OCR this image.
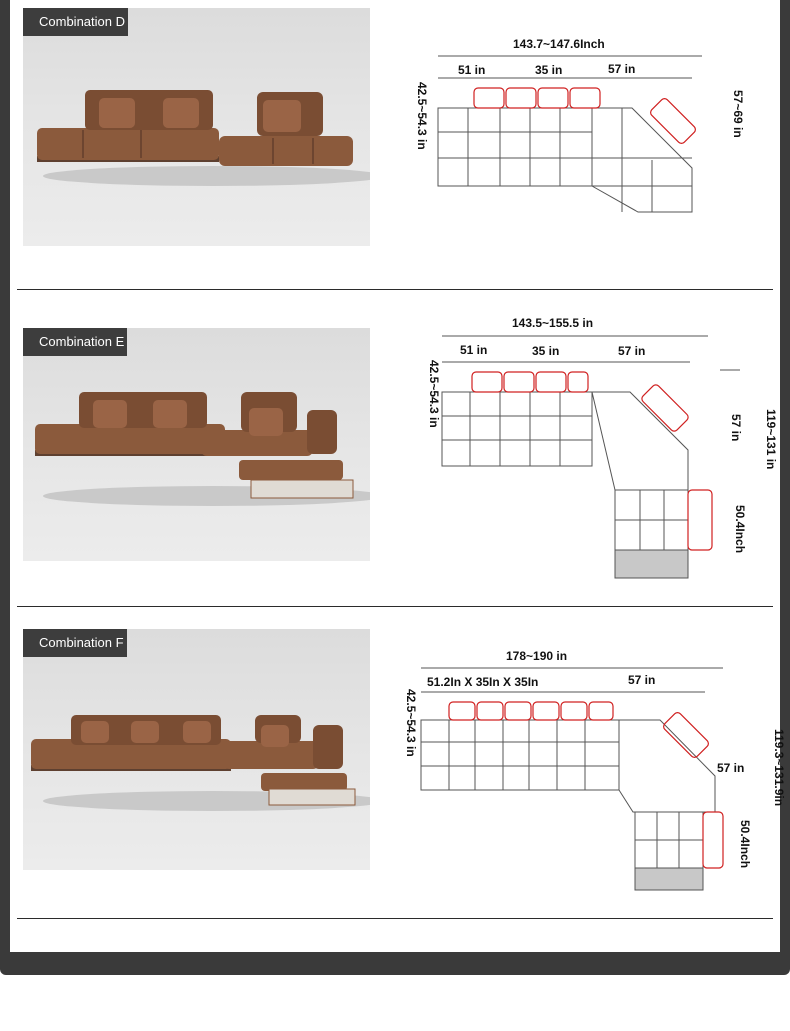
Combination D
143.7~147.6Inch
51 in	35 in	57 in
42.5~54.3 in	57~69 in
Combination E
143.5~155.5 in
51 in	35 in	57 in
42.5~54.3 in	57 in 119~131 in
50.4Inch
Combination F
178~190 in
51.2In X 35In X 35In	57 in
42.5~54.3 in
57 in 119.3~131.9in
50.4Inch
